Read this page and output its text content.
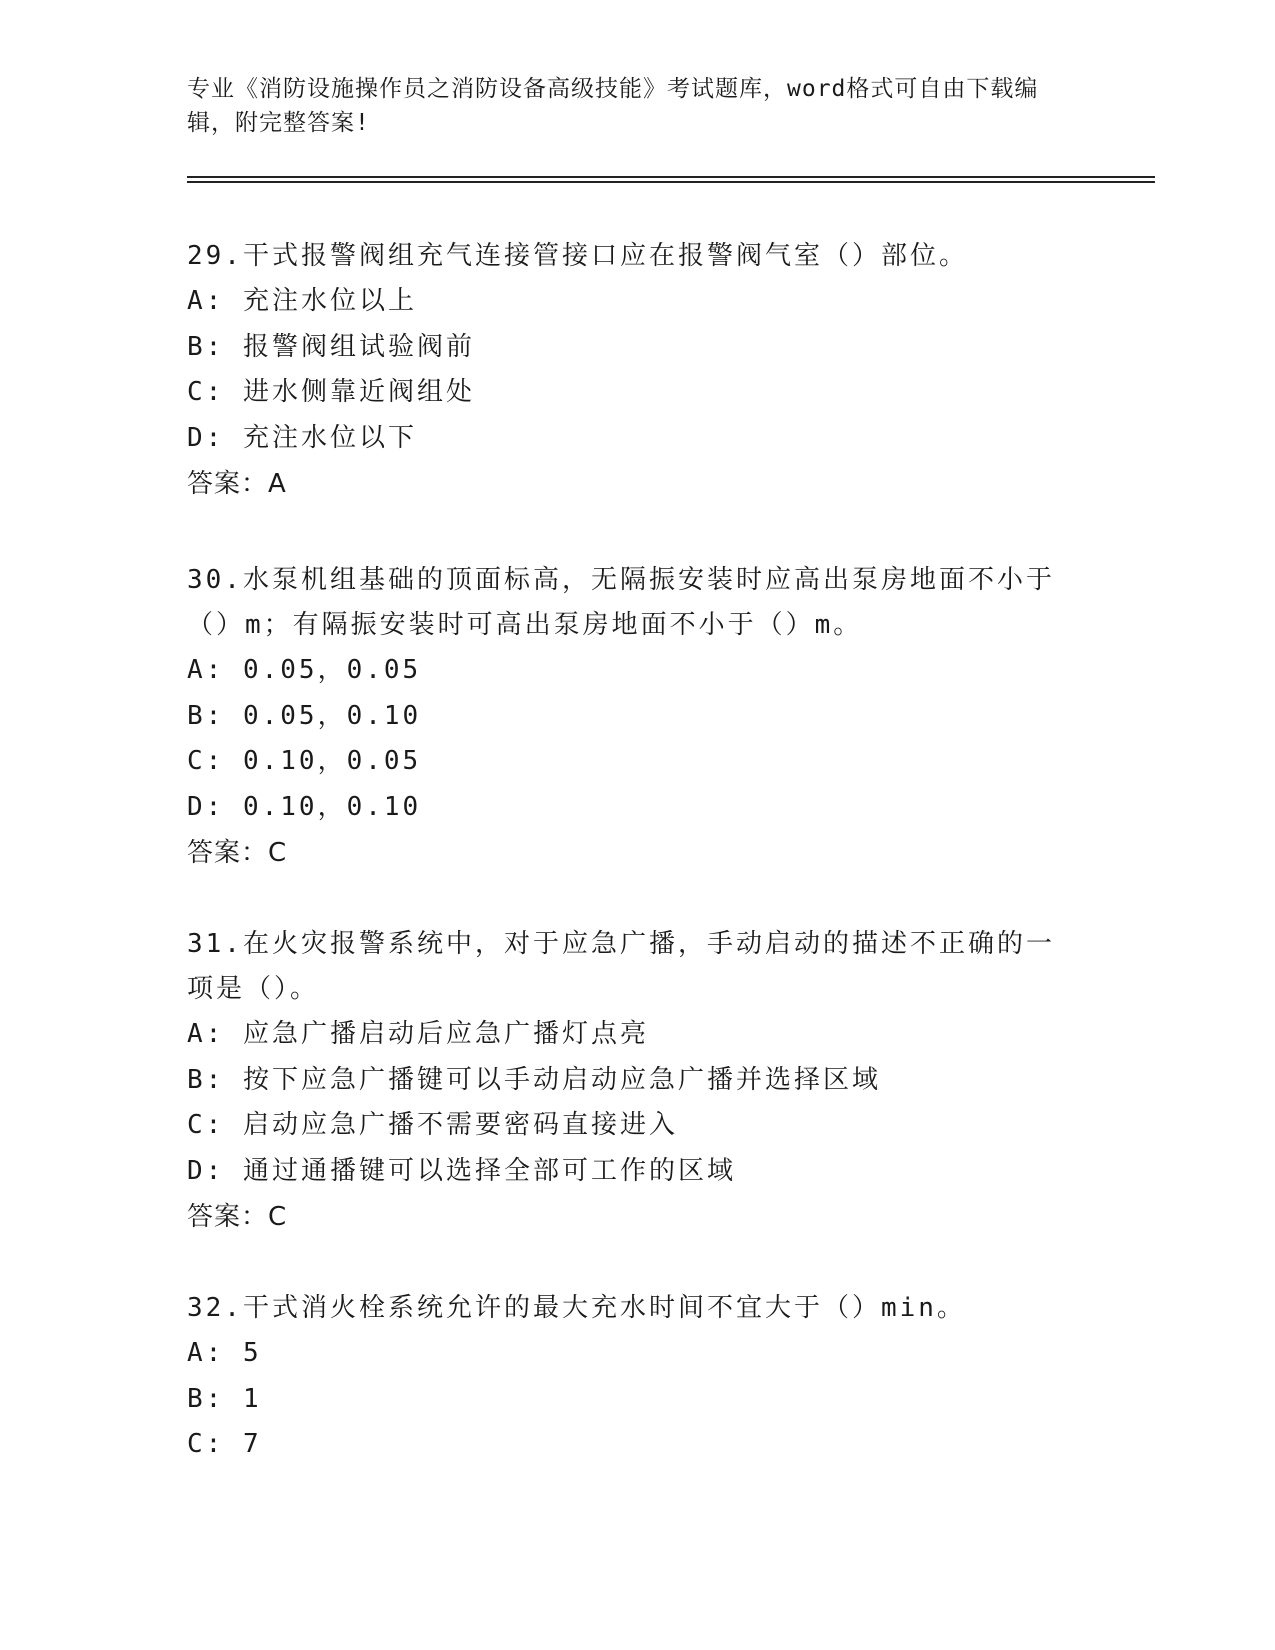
专业《消防设施操作员之消防设备高级技能》考试题库，word格式可自由下载编辑，附完整答案!

29.干式报警阀组充气连接管接口应在报警阀气室（）部位。

A: 充注水位以上

B: 报警阀组试验阀前

C: 进水侧靠近阀组处

D: 充注水位以下

答案：A

30.水泵机组基础的顶面标高，无隔振安装时应高出泵房地面不小于（）m；有隔振安装时可高出泵房地面不小于（）m。

A: 0.05，0.05

B: 0.05，0.10

C: 0.10，0.05

D: 0.10，0.10

答案：C

31.在火灾报警系统中，对于应急广播，手动启动的描述不正确的一项是（）。

A: 应急广播启动后应急广播灯点亮

B: 按下应急广播键可以手动启动应急广播并选择区域

C: 启动应急广播不需要密码直接进入

D: 通过通播键可以选择全部可工作的区域

答案：C

32.干式消火栓系统允许的最大充水时间不宜大于（）min。

A: 5

B: 1

C: 7
